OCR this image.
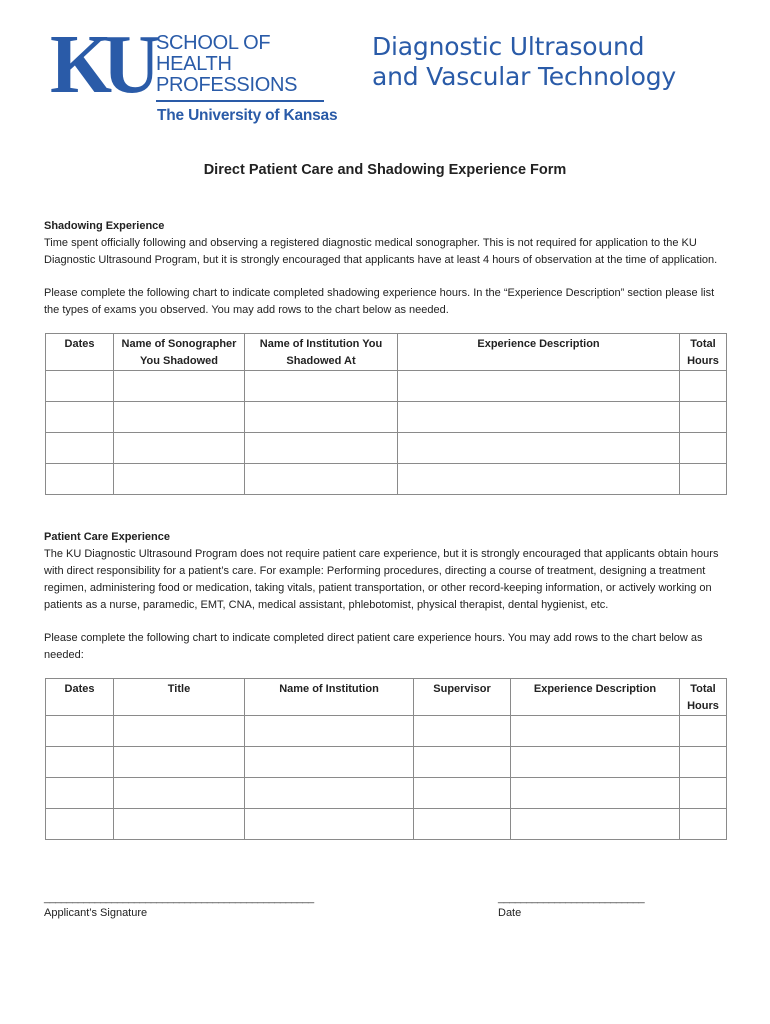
KU SCHOOL OF
HEALTH
PROFESSIONS
The University of Kansas
Diagnostic Ultrasound
and Vascular Technology
Direct Patient Care and Shadowing Experience Form
Shadowing Experience

Time spent officially following and observing a registered diagnostic medical sonographer. This is not required for application to the KU Diagnostic Ultrasound Program, but it is strongly encouraged that applicants have at least 4 hours of observation at the time of application.

Please complete the following chart to indicate completed shadowing experience hours. In the “Experience Description” section please list the types of exams you observed. You may add rows to the chart below as needed.

Dates	Name of Sonographer You Shadowed	Name of Institution You Shadowed At	Experience Description	Total Hours

Patient Care Experience

The KU Diagnostic Ultrasound Program does not require patient care experience, but it is strongly encouraged that applicants obtain hours with direct responsibility for a patient’s care. For example: Performing procedures, directing a course of treatment, designing a treatment regimen, administering food or medication, taking vitals, patient transportation, or other record-keeping information, or actively working on patients as a nurse, paramedic, EMT, CNA, medical assistant, phlebotomist, physical therapist, dental hygienist, etc.

Please complete the following chart to indicate completed direct patient care experience hours. You may add rows to the chart below as needed:

Dates	Title	Name of Institution	Supervisor	Experience Description	Total Hours

________________________________________________
Applicant’s Signature
__________________________
Date
